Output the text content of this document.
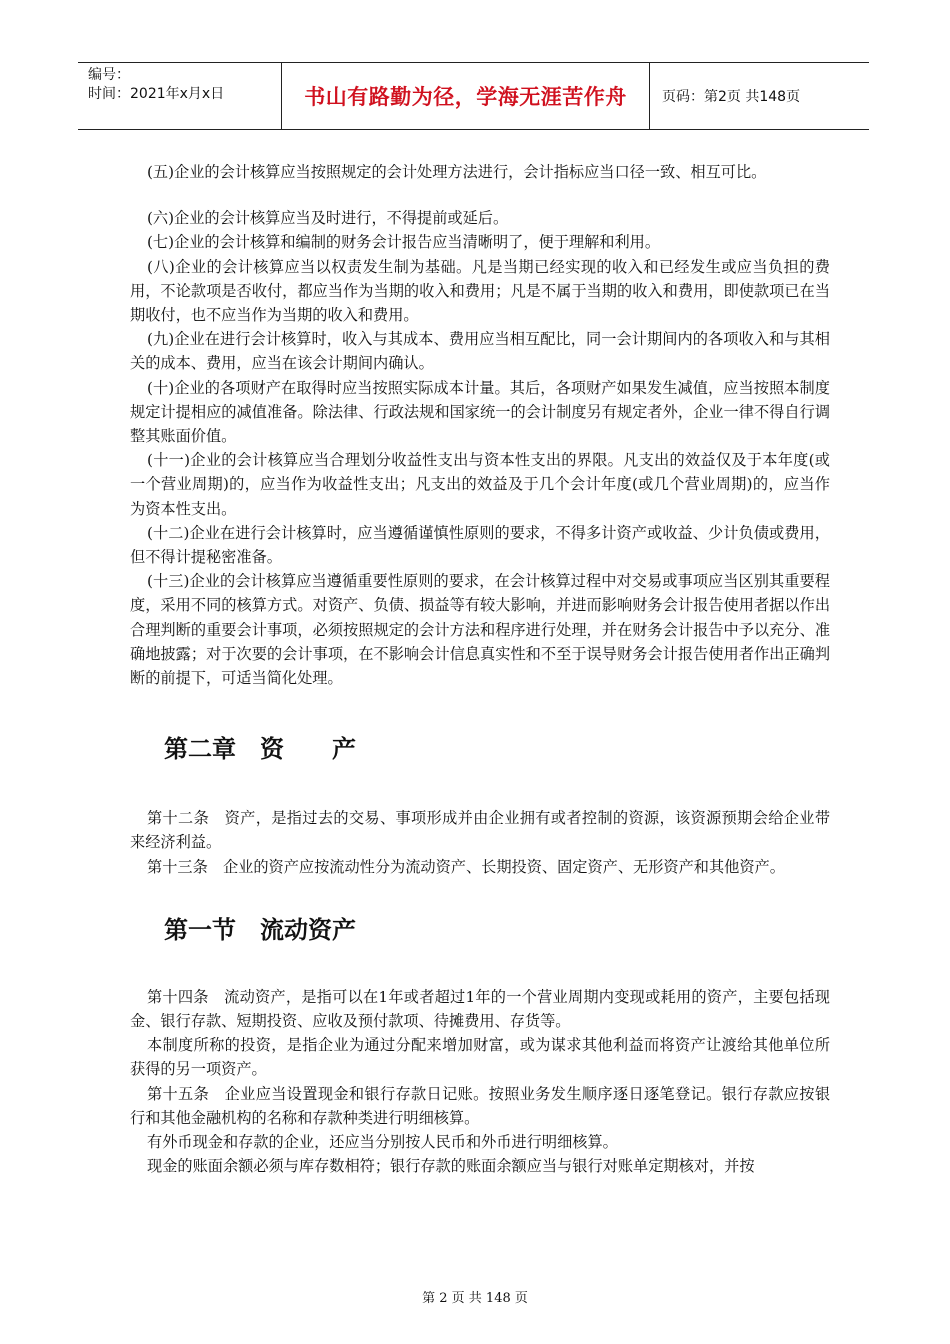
编号：
时间：2021年x月x日	书山有路勤为径，学海无涯苦作舟	页码：第2页 共148页

(五)企业的会计核算应当按照规定的会计处理方法进行，会计指标应当口径一致、相互可比。

(六)企业的会计核算应当及时进行，不得提前或延后。

(七)企业的会计核算和编制的财务会计报告应当清晰明了，便于理解和利用。

(八)企业的会计核算应当以权责发生制为基础。凡是当期已经实现的收入和已经发生或应当负担的费用，不论款项是否收付，都应当作为当期的收入和费用；凡是不属于当期的收入和费用，即使款项已在当期收付，也不应当作为当期的收入和费用。

(九)企业在进行会计核算时，收入与其成本、费用应当相互配比，同一会计期间内的各项收入和与其相关的成本、费用，应当在该会计期间内确认。

(十)企业的各项财产在取得时应当按照实际成本计量。其后，各项财产如果发生减值，应当按照本制度规定计提相应的减值准备。除法律、行政法规和国家统一的会计制度另有规定者外，企业一律不得自行调整其账面价值。

(十一)企业的会计核算应当合理划分收益性支出与资本性支出的界限。凡支出的效益仅及于本年度(或一个营业周期)的，应当作为收益性支出；凡支出的效益及于几个会计年度(或几个营业周期)的，应当作为资本性支出。

(十二)企业在进行会计核算时，应当遵循谨慎性原则的要求，不得多计资产或收益、少计负债或费用，但不得计提秘密准备。

(十三)企业的会计核算应当遵循重要性原则的要求，在会计核算过程中对交易或事项应当区别其重要程度，采用不同的核算方式。对资产、负债、损益等有较大影响，并进而影响财务会计报告使用者据以作出合理判断的重要会计事项，必须按照规定的会计方法和程序进行处理，并在财务会计报告中予以充分、准确地披露；对于次要的会计事项，在不影响会计信息真实性和不至于误导财务会计报告使用者作出正确判断的前提下，可适当简化处理。

第二章　资　　产

第十二条　资产，是指过去的交易、事项形成并由企业拥有或者控制的资源，该资源预期会给企业带来经济利益。

第十三条　企业的资产应按流动性分为流动资产、长期投资、固定资产、无形资产和其他资产。

第一节　流动资产

第十四条　流动资产，是指可以在1年或者超过1年的一个营业周期内变现或耗用的资产，主要包括现金、银行存款、短期投资、应收及预付款项、待摊费用、存货等。

本制度所称的投资，是指企业为通过分配来增加财富，或为谋求其他利益而将资产让渡给其他单位所获得的另一项资产。

第十五条　企业应当设置现金和银行存款日记账。按照业务发生顺序逐日逐笔登记。银行存款应按银行和其他金融机构的名称和存款种类进行明细核算。

有外币现金和存款的企业，还应当分别按人民币和外币进行明细核算。

现金的账面余额必须与库存数相符；银行存款的账面余额应当与银行对账单定期核对，并按

第 2 页 共 148 页
